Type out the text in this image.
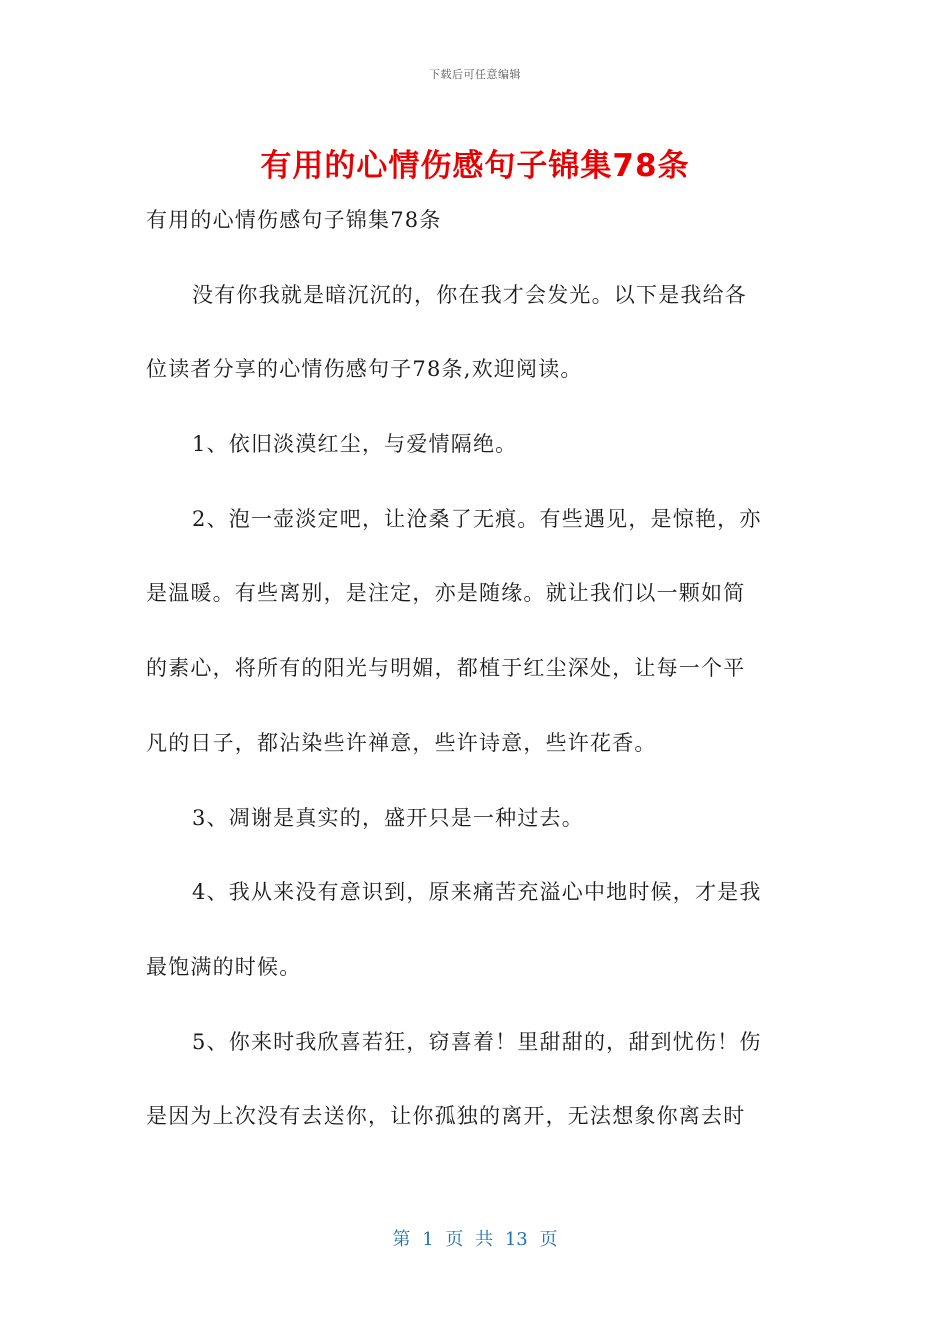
下载后可任意编辑
有用的心情伤感句子锦集78条
有用的心情伤感句子锦集78条
没有你我就是暗沉沉的，你在我才会发光。以下是我给各
位读者分享的心情伤感句子78条,欢迎阅读。
1、依旧淡漠红尘，与爱情隔绝。
2、泡一壶淡定吧，让沧桑了无痕。有些遇见，是惊艳，亦
是温暖。有些离别，是注定，亦是随缘。就让我们以一颗如简
的素心，将所有的阳光与明媚，都植于红尘深处，让每一个平
凡的日子，都沾染些许禅意，些许诗意，些许花香。
3、凋谢是真实的，盛开只是一种过去。
4、我从来没有意识到，原来痛苦充溢心中地时候，才是我
最饱满的时候。
5、你来时我欣喜若狂，窃喜着！里甜甜的，甜到忧伤！伤
是因为上次没有去送你，让你孤独的离开，无法想象你离去时
第 1 页 共 13 页
